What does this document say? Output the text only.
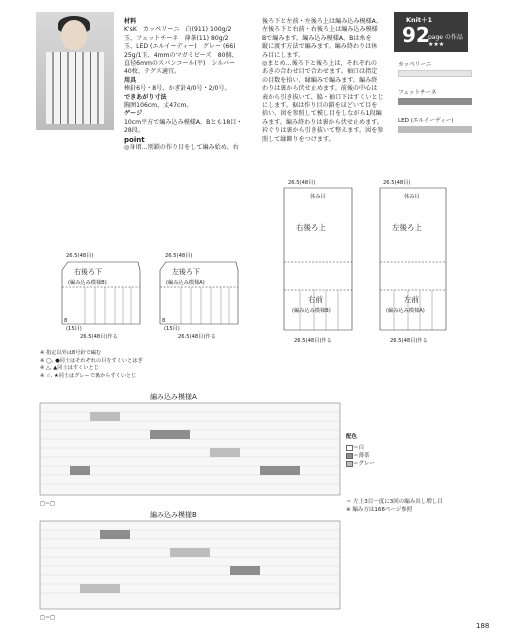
材料
K'sK　カッペリーニ　白(911) 100g/2
玉、フェットチーネ　薄茶(11) 80g/2
玉、LED (エルイーディー)　グレー (66)
25g/1玉、4mmのマガミビーズ　80個、
直径6mmのスパンコール(平)　シルバー
40枚、テグス適宜。
用具
棒針6号・8号、かぎ針4/0号・2/0号。
できあがり寸法
胸囲106cm、丈47cm。
ゲージ
10cm平方で編み込み模様A、Bとも18目・
28段。
point
◎身頃…別鎖の作り目をして編み始め、右
後ろ下と左前・左後ろ上は編み込み模様A、
左後ろ下と右前・右後ろ上は編み込み模様
Bで編みます。編み込み模様A、Bは糸を
縦に渡す方法で編みます。編み終わりは休
み目にします。
◎まとめ…後ろ下と後ろ上は、それぞれの
あきの合わせ目で合わせます。袖口は指定
の目数を拾い、縁編みで編みます。編み終
わりは裏から伏せ止めます。前後の中心は
表から引き抜いて、脇・袖口下はすくいとじ
にします。裾は作り目の鎖をほどいて目を
拾い、図を参照して模し目をしながら1段編
みます。編み終わりは裏から伏せ止めます。
衿ぐりは裏から引き抜いて整えます。図を参
照して縁飾りをつけます。
Knit＋1
92
page の作品 ★★★
カッペリーニ
フェットチーネ
LED (エルイーディー)
右後ろ下
(編み込み模様B)
左後ろ下
(編み込み模様A)
26.5(48目)	26.5(48目)
26.5(48目)作る	26.5(48目)作る
8
(15目)
8
(15目)
右後ろ上
右前
(編み込み模様B)
左後ろ上
左前
(編み込み模様A)
26.5(48目)	26.5(48目)
26.5(48目)作る	26.5(48目)作る
休み目	休み目
編み込み模様A
編み込み模様B
□＝□
□＝□
※ 指定以外は8号針で編む
※ ◯, ●同士はそれぞれの目をすくいとはぎ
※ △, ▲同士はすくいとじ
※ ☆, ★同士はグレーで裏からすくいとじ
配色
＝白
＝薄茶
＝グレー
＝ 左上3目一度に3回の編み出し増し目
※ 編み方は168ページ参照
188
